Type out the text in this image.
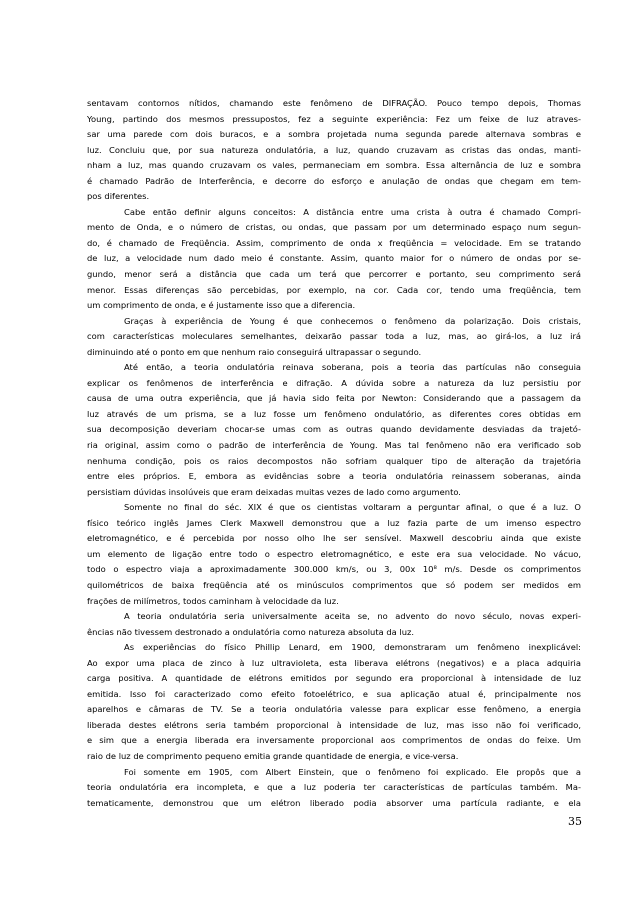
sentavam contornos nítidos, chamando este fenômeno de DIFRAÇÃO. Pouco tempo depois, Thomas
Young, partindo dos mesmos pressupostos, fez a seguinte experiência: Fez um feixe de luz atraves-
sar uma parede com dois buracos, e a sombra projetada numa segunda parede alternava sombras e
luz. Concluiu que, por sua natureza ondulatória, a luz, quando cruzavam as cristas das ondas, manti-
nham a luz, mas quando cruzavam os vales, permaneciam em sombra. Essa alternância de luz e sombra
é chamado Padrão de Interferência, e decorre do esforço e anulação de ondas que chegam em tem-
pos diferentes.
Cabe então definir alguns conceitos: A distância entre uma crista à outra é chamado Compri-
mento de Onda, e o número de cristas, ou ondas, que passam por um determinado espaço num segun-
do, é chamado de Freqüência. Assim, comprimento de onda x freqüência = velocidade. Em se tratando
de luz, a velocidade num dado meio é constante. Assim, quanto maior for o número de ondas por se-
gundo, menor será a distância que cada um terá que percorrer e portanto, seu comprimento será
menor. Essas diferenças são percebidas, por exemplo, na cor. Cada cor, tendo uma freqüência, tem
um comprimento de onda, e é justamente isso que a diferencia.
Graças à experiência de Young é que conhecemos o fenômeno da polarização. Dois cristais,
com características moleculares semelhantes, deixarão passar toda a luz, mas, ao girá-los, a luz irá
diminuindo até o ponto em que nenhum raio conseguirá ultrapassar o segundo.
Até então, a teoria ondulatória reinava soberana, pois a teoria das partículas não conseguia
explicar os fenômenos de interferência e difração. A dúvida sobre a natureza da luz persistiu por
causa de uma outra experiência, que já havia sido feita por Newton: Considerando que a passagem da
luz através de um prisma, se a luz fosse um fenômeno ondulatório, as diferentes cores obtidas em
sua decomposição deveriam chocar-se umas com as outras quando devidamente desviadas da trajetó-
ria original, assim como o padrão de interferência de Young. Mas tal fenômeno não era verificado sob
nenhuma condição, pois os raios decompostos não sofriam qualquer tipo de alteração da trajetória
entre eles próprios. E, embora as evidências sobre a teoria ondulatória reinassem soberanas, ainda
persistiam dúvidas insolúveis que eram deixadas muitas vezes de lado como argumento.
Somente no final do séc. XIX é que os cientistas voltaram a perguntar afinal, o que é a luz. O
físico teórico inglês James Clerk Maxwell demonstrou que a luz fazia parte de um imenso espectro
eletromagnético, e é percebida por nosso olho lhe ser sensível. Maxwell descobriu ainda que existe
um elemento de ligação entre todo o espectro eletromagnético, e este era sua velocidade. No vácuo,
todo o espectro viaja a aproximadamente 300.000 km/s, ou 3, 00x 10⁸ m/s. Desde os comprimentos
quilométricos de baixa freqüência até os minúsculos comprimentos que só podem ser medidos em
frações de milímetros, todos caminham à velocidade da luz.
A teoria ondulatória seria universalmente aceita se, no advento do novo século, novas experi-
ências não tivessem destronado a ondulatória como natureza absoluta da luz.
As experiências do físico Phillip Lenard, em 1900, demonstraram um fenômeno inexplicável:
Ao expor uma placa de zinco à luz ultravioleta, esta liberava elétrons (negativos) e a placa adquiria
carga positiva. A quantidade de elétrons emitidos por segundo era proporcional à intensidade de luz
emitida. Isso foi caracterizado como efeito fotoelétrico, e sua aplicação atual é, principalmente nos
aparelhos e câmaras de TV. Se a teoria ondulatória valesse para explicar esse fenômeno, a energia
liberada destes elétrons seria também proporcional à intensidade de luz, mas isso não foi verificado,
e sim que a energia liberada era inversamente proporcional aos comprimentos de ondas do feixe. Um
raio de luz de comprimento pequeno emitia grande quantidade de energia, e vice-versa.
Foi somente em 1905, com Albert Einstein, que o fenômeno foi explicado. Ele propôs que a
teoria ondulatória era incompleta, e que a luz poderia ter características de partículas também. Ma-
tematicamente, demonstrou que um elétron liberado podia absorver uma partícula radiante, e ela
35
